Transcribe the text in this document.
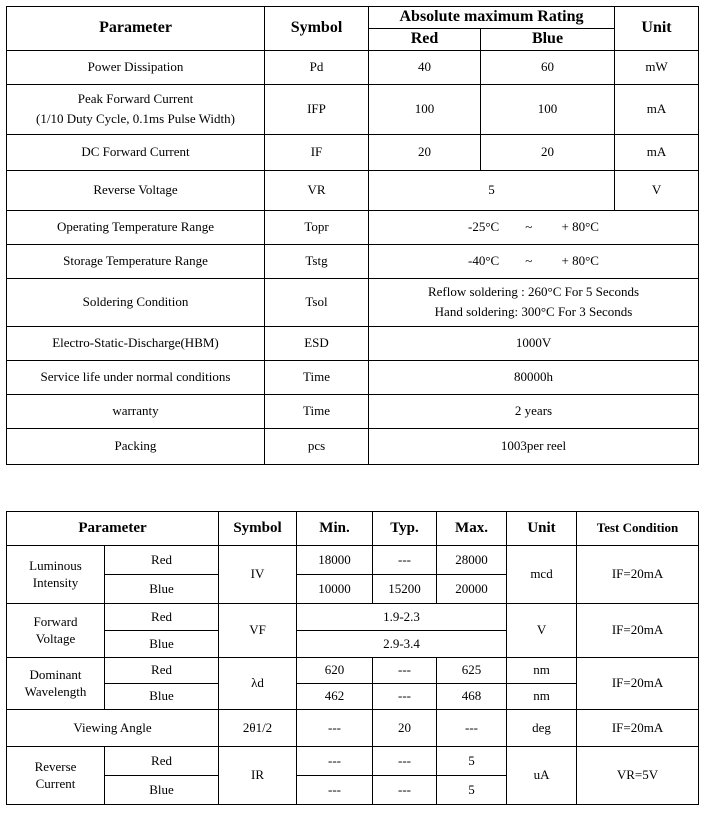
Parameter	Symbol	Absolute maximum Rating		Unit
		Red	Blue	
Power Dissipation	Pd	40	60	mW
Peak Forward Current
(1/10 Duty Cycle, 0.1ms Pulse Width)	IFP	100	100	mA
DC Forward Current	IF	20	20	mA
Reverse Voltage	VR	5		V
Operating Temperature Range	Topr	-25°C        ~         + 80°C		
Storage Temperature Range	Tstg	-40°C        ~         + 80°C		
Soldering Condition	Tsol	Reflow soldering : 260°C For 5 Seconds
Hand soldering: 300°C For 3 Seconds		

Electro-Static-Discharge(HBM)	ESD	1000V		
Service life under normal conditions	Time	80000h		
warranty	Time	2 years		
Packing	pcs	1003per reel		
Parameter		Symbol	Min.	Typ.	Max.	Unit	Test Condition
Luminous
Intensity	Red	IV	18000	---	28000	mcd	IF=20mA
	Blue		10000	15200	20000		
Forward
Voltage	Red	VF	1.9-2.3			V	IF=20mA
	Blue		2.9-3.4				
Dominant
Wavelength	Red	λd	620	---	625	nm	IF=20mA
	Blue		462	---	468	nm	
Viewing Angle		2θ1/2	---	20	---	deg	IF=20mA
Reverse
Current	Red	IR	---	---	5	uA	VR=5V
	Blue		---	---	5		
